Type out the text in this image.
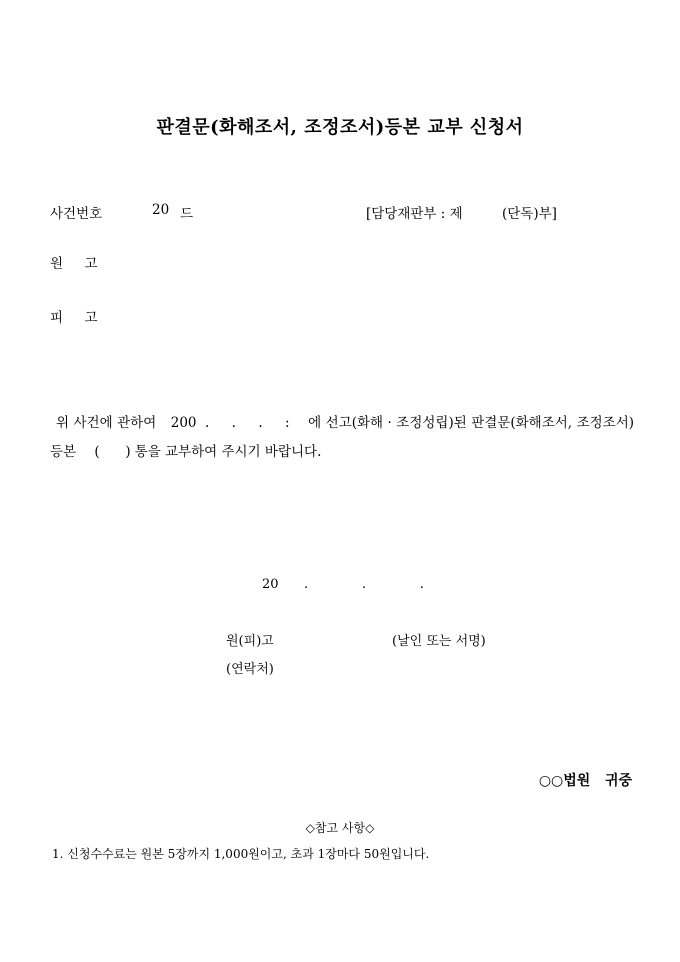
판결문(화해조서, 조정조서)등본 교부 신청서
사건번호	20 드	[담당재판부 : 제	(단독)부]
원     고
피     고
위 사건에 관하여 200 .     .     .     : 에 선고(화해 · 조정성립)된 판결문(화해조서, 조정조서) 등본 (      ) 통을 교부하여 주시기 바랍니다.
20 .             .             .
원(피)고	(날인 또는 서명)
(연락처)
○○법원   귀중
◇참고 사항◇
1. 신청수수료는 원본 5장까지 1,000원이고, 초과 1장마다 50원입니다.
